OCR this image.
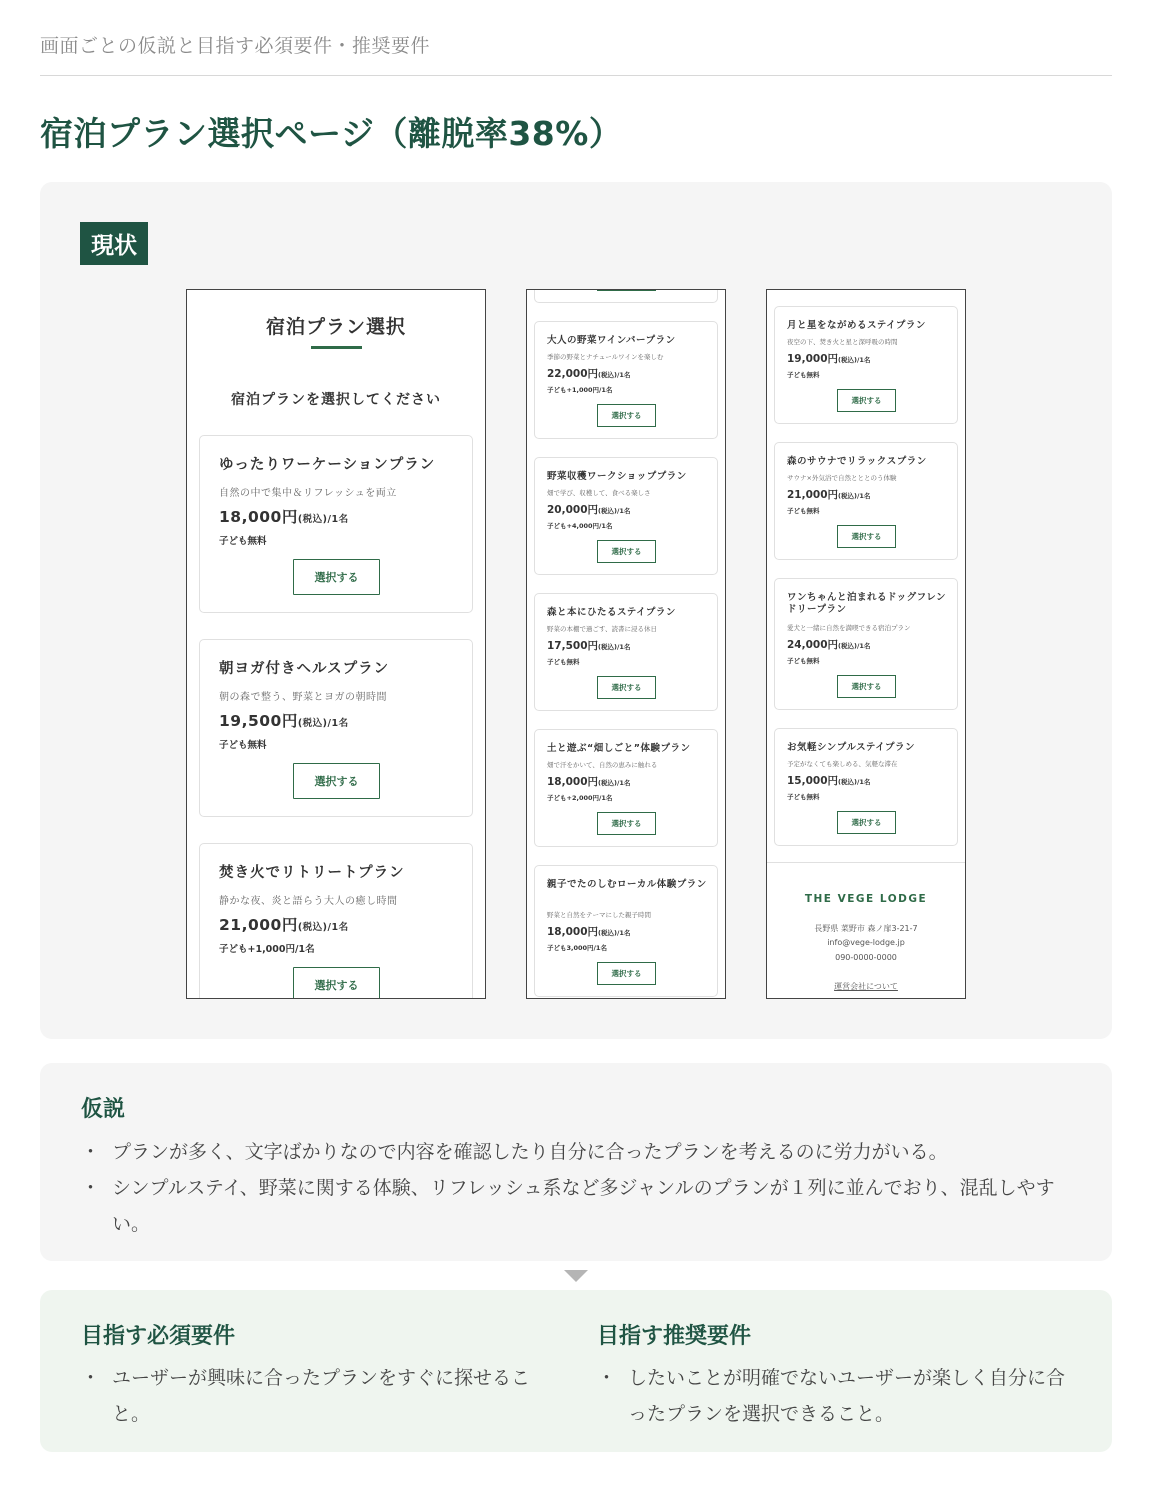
画面ごとの仮説と目指す必須要件・推奨要件
宿泊プラン選択ページ（離脱率38%）
現状
宿泊プラン選択
宿泊プランを選択してください
ゆったりワーケーションプラン
自然の中で集中＆リフレッシュを両立
18,000円(税込)/1名
子ども無料
選択する
朝ヨガ付きヘルスプラン
朝の森で整う、野菜とヨガの朝時間
19,500円(税込)/1名
子ども無料
選択する
焚き火でリトリートプラン
静かな夜、炎と語らう大人の癒し時間
21,000円(税込)/1名
子ども+1,000円/1名
選択する
大人の野菜ワインバープラン
季節の野菜とナチュールワインを楽しむ
22,000円(税込)/1名
子ども+1,000円/1名
選択する
野菜収穫ワークショッププラン
畑で学び、収穫して、食べる楽しさ
20,000円(税込)/1名
子ども+4,000円/1名
選択する
森と本にひたるステイプラン
野菜の本棚で過ごす、読書に浸る休日
17,500円(税込)/1名
子ども無料
選択する
土と遊ぶ“畑しごと”体験プラン
畑で汗をかいて、自然の恵みに触れる
18,000円(税込)/1名
子ども+2,000円/1名
選択する
親子でたのしむローカル体験プラン
野菜と自然をテーマにした親子時間
18,000円(税込)/1名
子ども3,000円/1名
選択する
月と星をながめるステイプラン
夜空の下、焚き火と星と深呼吸の時間
19,000円(税込)/1名
子ども無料
選択する
森のサウナでリラックスプラン
サウナ×外気浴で自然とととのう体験
21,000円(税込)/1名
子ども無料
選択する
ワンちゃんと泊まれるドッグフレンドリープラン
愛犬と一緒に自然を満喫できる宿泊プラン
24,000円(税込)/1名
子ども無料
選択する
お気軽シンプルステイプラン
予定がなくても楽しめる、気軽な滞在
15,000円(税込)/1名
子ども無料
選択する
THE VEGE LODGE
長野県 菜野市 森ノ扉3-21-7
info@vege-lodge.jp
090-0000-0000
運営会社について
仮説
・ プランが多く、文字ばかりなので内容を確認したり自分に合ったプランを考えるのに労力がいる。
・ シンプルステイ、野菜に関する体験、リフレッシュ系など多ジャンルのプランが１列に並んでおり、混乱しやすい。
目指す必須要件
・ ユーザーが興味に合ったプランをすぐに探せること。
目指す推奨要件
・ したいことが明確でないユーザーが楽しく自分に合ったプランを選択できること。
